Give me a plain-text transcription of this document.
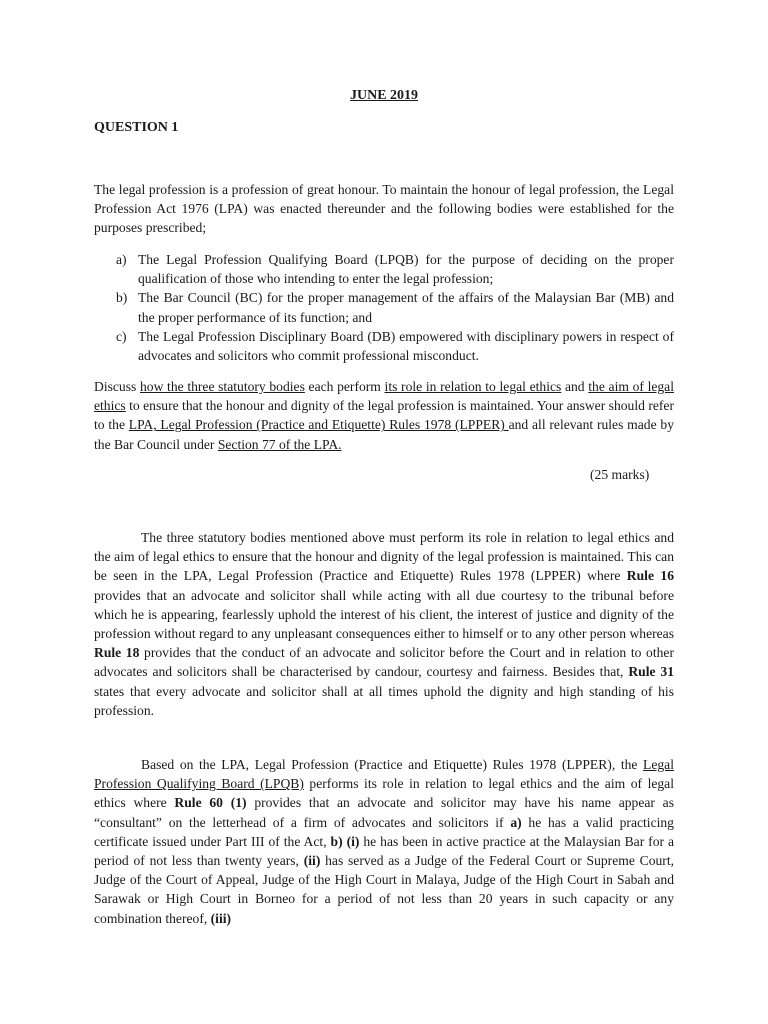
JUNE 2019
QUESTION 1

The legal profession is a profession of great honour. To maintain the honour of legal profession, the Legal Profession Act 1976 (LPA) was enacted thereunder and the following bodies were established for the purposes prescribed;

a) The Legal Profession Qualifying Board (LPQB) for the purpose of deciding on the proper qualification of those who intending to enter the legal profession;
b) The Bar Council (BC) for the proper management of the affairs of the Malaysian Bar (MB) and the proper performance of its function; and
c) The Legal Profession Disciplinary Board (DB) empowered with disciplinary powers in respect of advocates and solicitors who commit professional misconduct.

Discuss how the three statutory bodies each perform its role in relation to legal ethics and the aim of legal ethics to ensure that the honour and dignity of the legal profession is maintained. Your answer should refer to the LPA, Legal Profession (Practice and Etiquette) Rules 1978 (LPPER) and all relevant rules made by the Bar Council under Section 77 of the LPA.

(25 marks)

The three statutory bodies mentioned above must perform its role in relation to legal ethics and the aim of legal ethics to ensure that the honour and dignity of the legal profession is maintained. This can be seen in the LPA, Legal Profession (Practice and Etiquette) Rules 1978 (LPPER) where Rule 16 provides that an advocate and solicitor shall while acting with all due courtesy to the tribunal before which he is appearing, fearlessly uphold the interest of his client, the interest of justice and dignity of the profession without regard to any unpleasant consequences either to himself or to any other person whereas Rule 18 provides that the conduct of an advocate and solicitor before the Court and in relation to other advocates and solicitors shall be characterised by candour, courtesy and fairness. Besides that, Rule 31 states that every advocate and solicitor shall at all times uphold the dignity and high standing of his profession.

Based on the LPA, Legal Profession (Practice and Etiquette) Rules 1978 (LPPER), the Legal Profession Qualifying Board (LPQB) performs its role in relation to legal ethics and the aim of legal ethics where Rule 60 (1) provides that an advocate and solicitor may have his name appear as “consultant” on the letterhead of a firm of advocates and solicitors if a) he has a valid practicing certificate issued under Part III of the Act, b) (i) he has been in active practice at the Malaysian Bar for a period of not less than twenty years, (ii) has served as a Judge of the Federal Court or Supreme Court, Judge of the Court of Appeal, Judge of the High Court in Malaya, Judge of the High Court in Sabah and Sarawak or High Court in Borneo for a period of not less than 20 years in such capacity or any combination thereof, (iii)
